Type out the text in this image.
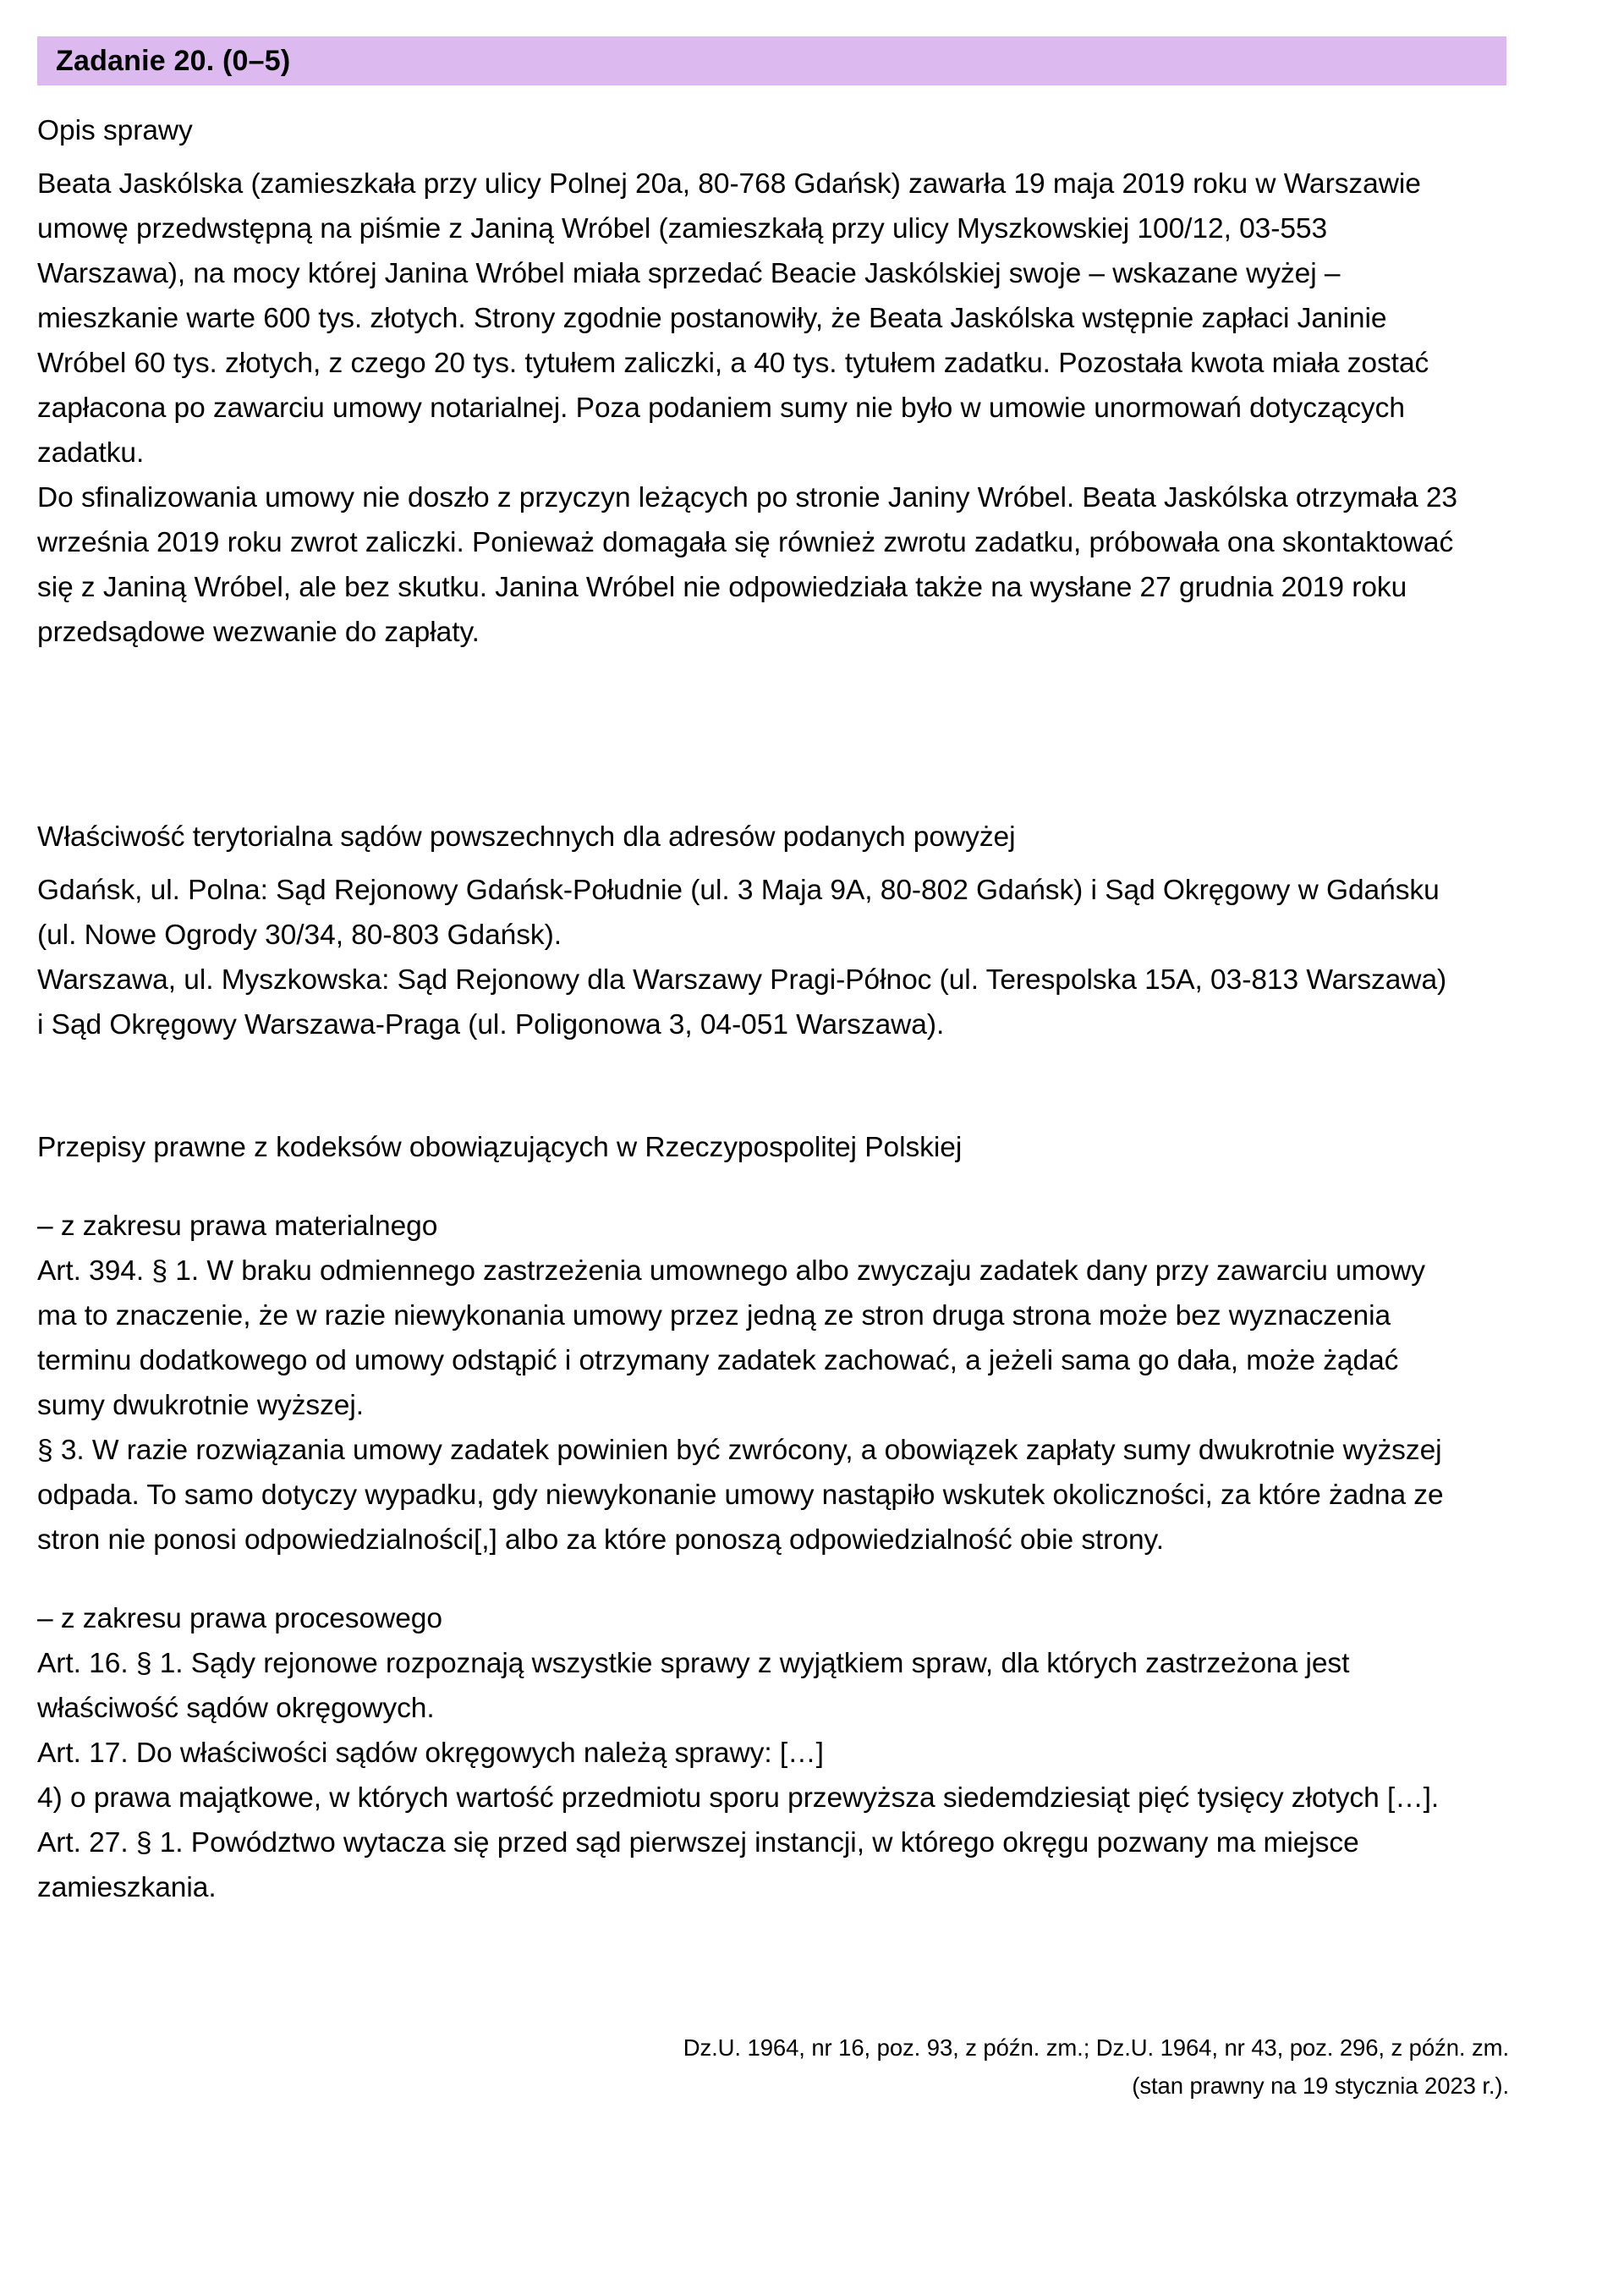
Zadanie 20. (0–5)

Opis sprawy

Beata Jaskólska (zamieszkała przy ulicy Polnej 20a, 80-768 Gdańsk) zawarła 19 maja 2019 roku w Warszawie umowę przedwstępną na piśmie z Janiną Wróbel (zamieszkałą przy ulicy Myszkowskiej 100/12, 03-553 Warszawa), na mocy której Janina Wróbel miała sprzedać Beacie Jaskólskiej swoje – wskazane wyżej – mieszkanie warte 600 tys. złotych. Strony zgodnie postanowiły, że Beata Jaskólska wstępnie zapłaci Janinie Wróbel 60 tys. złotych, z czego 20 tys. tytułem zaliczki, a 40 tys. tytułem zadatku. Pozostała kwota miała zostać zapłacona po zawarciu umowy notarialnej. Poza podaniem sumy nie było w umowie unormowań dotyczących zadatku.

Do sfinalizowania umowy nie doszło z przyczyn leżących po stronie Janiny Wróbel. Beata Jaskólska otrzymała 23 września 2019 roku zwrot zaliczki. Ponieważ domagała się również zwrotu zadatku, próbowała ona skontaktować się z Janiną Wróbel, ale bez skutku. Janina Wróbel nie odpowiedziała także na wysłane 27 grudnia 2019 roku przedsądowe wezwanie do zapłaty.

Właściwość terytorialna sądów powszechnych dla adresów podanych powyżej

Gdańsk, ul. Polna: Sąd Rejonowy Gdańsk-Południe (ul. 3 Maja 9A, 80-802 Gdańsk) i Sąd Okręgowy w Gdańsku (ul. Nowe Ogrody 30/34, 80-803 Gdańsk).

Warszawa, ul. Myszkowska: Sąd Rejonowy dla Warszawy Pragi-Północ (ul. Terespolska 15A, 03-813 Warszawa) i Sąd Okręgowy Warszawa-Praga (ul. Poligonowa 3, 04-051 Warszawa).

Przepisy prawne z kodeksów obowiązujących w Rzeczypospolitej Polskiej

– z zakresu prawa materialnego

Art. 394. § 1. W braku odmiennego zastrzeżenia umownego albo zwyczaju zadatek dany przy zawarciu umowy ma to znaczenie, że w razie niewykonania umowy przez jedną ze stron druga strona może bez wyznaczenia terminu dodatkowego od umowy odstąpić i otrzymany zadatek zachować, a jeżeli sama go dała, może żądać sumy dwukrotnie wyższej.

§ 3. W razie rozwiązania umowy zadatek powinien być zwrócony, a obowiązek zapłaty sumy dwukrotnie wyższej odpada. To samo dotyczy wypadku, gdy niewykonanie umowy nastąpiło wskutek okoliczności, za które żadna ze stron nie ponosi odpowiedzialności[,] albo za które ponoszą odpowiedzialność obie strony.

– z zakresu prawa procesowego

Art. 16. § 1. Sądy rejonowe rozpoznają wszystkie sprawy z wyjątkiem spraw, dla których zastrzeżona jest właściwość sądów okręgowych.

Art. 17. Do właściwości sądów okręgowych należą sprawy: […]

4) o prawa majątkowe, w których wartość przedmiotu sporu przewyższa siedemdziesiąt pięć tysięcy złotych […].

Art. 27. § 1. Powództwo wytacza się przed sąd pierwszej instancji, w którego okręgu pozwany ma miejsce zamieszkania.

Dz.U. 1964, nr 16, poz. 93, z późn. zm.; Dz.U. 1964, nr 43, poz. 296, z późn. zm.

(stan prawny na 19 stycznia 2023 r.).
